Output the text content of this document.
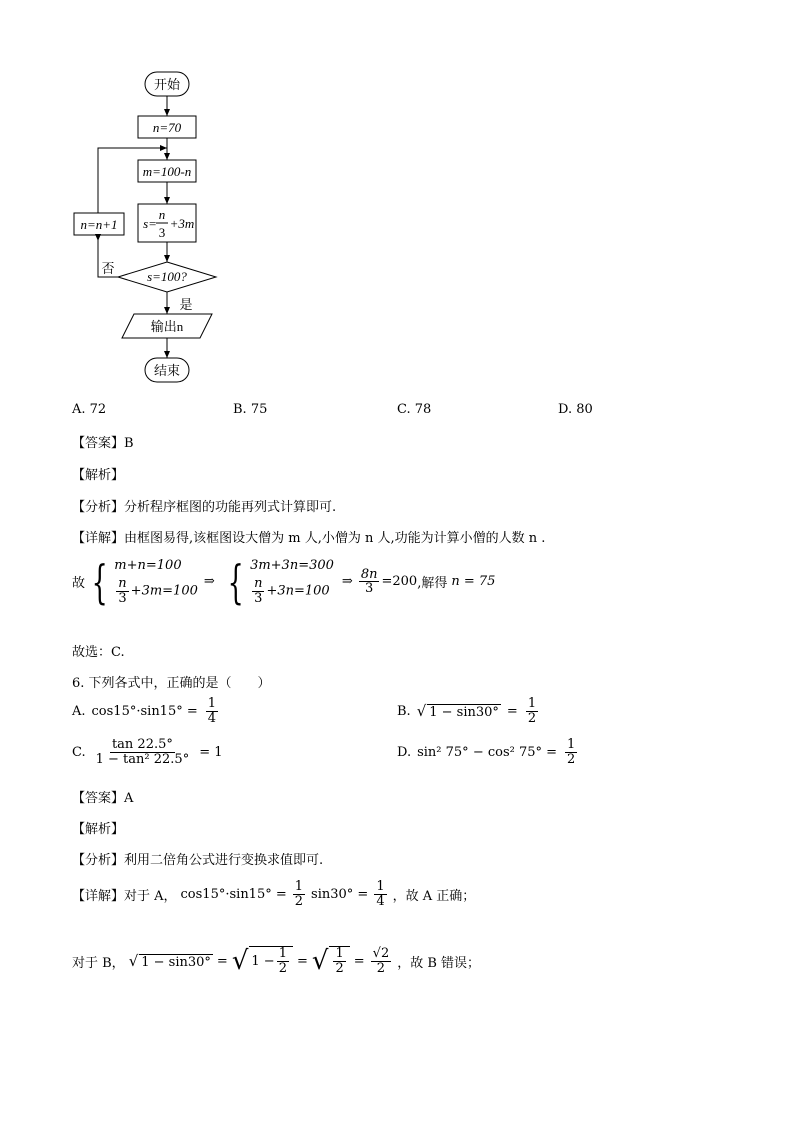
开始
n=70
m=100-n
s=
n
3
+3m
s=100?
输出n
结束
n=n+1
否
是
A. 72	B. 75	C. 78	D. 80
【答案】B
【解析】
【分析】分析程序框图的功能再列式计算即可.
【详解】由框图易得,该框图设大僧为 m 人,小僧为 n 人,功能为计算小僧的人数 n .
故 { m+n=100
$\frac{n}{3} +3m=100$
⇒ { 3m+3n=300
$\frac{n}{3} +3n=100$
⇒ $\frac{8n}{3} =200$ ,解得 n = 75
故选：C.
6. 下列各式中，正确的是（　　）
A. $\cos 15^\circ\cdot\sin 15^\circ = \frac{1}{4}$	B. √ $1 - \sin 30^\circ = \frac{1}{2}$
C. $\frac{\tan 22.5^\circ}{\text{1 − tan² 22.5°}} = 1$	D. sin² 75° − cos² $75^\circ = \frac{1}{2}$
【答案】A
【解析】
【分析】利用二倍角公式进行变换求值即可.
【详解】对于 A， $\cos 15^\circ\cdot\sin 15^\circ = \frac{1}{2} \sin 30^\circ = \frac{1}{4}$ ，故 A 正确；
对于 B， √ 1 − sin30° = √ $1 - \frac{1}{2}$ = √ $\frac{1}{2} = \frac{√2}{2}$ ，故 B 错误；
